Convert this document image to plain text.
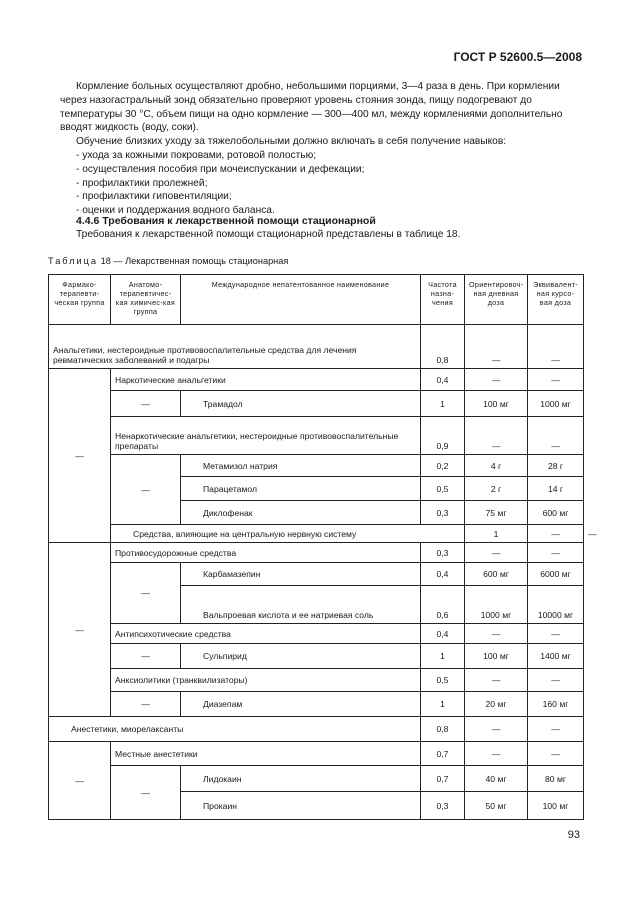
ГОСТ Р 52600.5—2008

Кормление больных осуществляют дробно, небольшими порциями, 3—4 раза в день. При кормлении через назогастральный зонд обязательно проверяют уровень стояния зонда, пищу подогревают до температуры 30 °С, объем пищи на одно кормление — 300—400 мл, между кормлениями дополнительно вводят жидкость (воду, соки).

Обучение близких уходу за тяжелобольными должно включать в себя получение навыков:

- ухода за кожными покровами, ротовой полостью;
- осуществления пособия при мочеиспускании и дефекации;
- профилактики пролежней;
- профилактики гиповентиляции;
- оценки и поддержания водного баланса.
4.4.6 Требования к лекарственной помощи стационарной
Требования к лекарственной помощи стационарной представлены в таблице 18.
Таблица 18 — Лекарственная помощь стационарная
Фармако-терапевти-ческая группа	Анатомо-терапевтичес-кая химичес-кая группа	Международное непатентованное наименование	Частота назна-чения	Ориентировоч-ная дневная доза	Эквивалент-ная курсо-вая доза	
Анальгетики, нестероидные противовоспалительные средства для лечения ревматических заболеваний и подагры			0,8	—	—	
—	Наркотические анальгетики		0,4	—	—	
	—	Трамадол	1	100 мг	1000 мг	
	Ненаркотические анальгетики, нестероидные противовоспалительные препараты		0,9	—	—	
	—	Метамизол натрия	0,2	4 г	28 г	
		Парацетамол	0,5	2 г	14 г	
		Диклофенак	0,3	75 мг	600 мг	
	Средства, влияющие на центральную нервную систему			1	—	—
—	Противосудорожные средства		0,3	—	—	
	—	Карбамазепин	0,4	600 мг	6000 мг	
		Вальпроевая кислота и ее натриевая соль	0,6	1000 мг	10000 мг	
	Антипсихотические средства		0,4	—	—	
	—	Сульпирид	1	100 мг	1400 мг	
	Анксиолитики (транквилизаторы)		0,5	—	—	
	—	Диазепам	1	20 мг	160 мг	
Анестетики, миорелаксанты			0,8	—	—	
—	Местные анестетики		0,7	—	—	
	—	Лидокаин	0,7	40 мг	80 мг	
		Прокаин	0,3	50 мг	100 мг	
93
